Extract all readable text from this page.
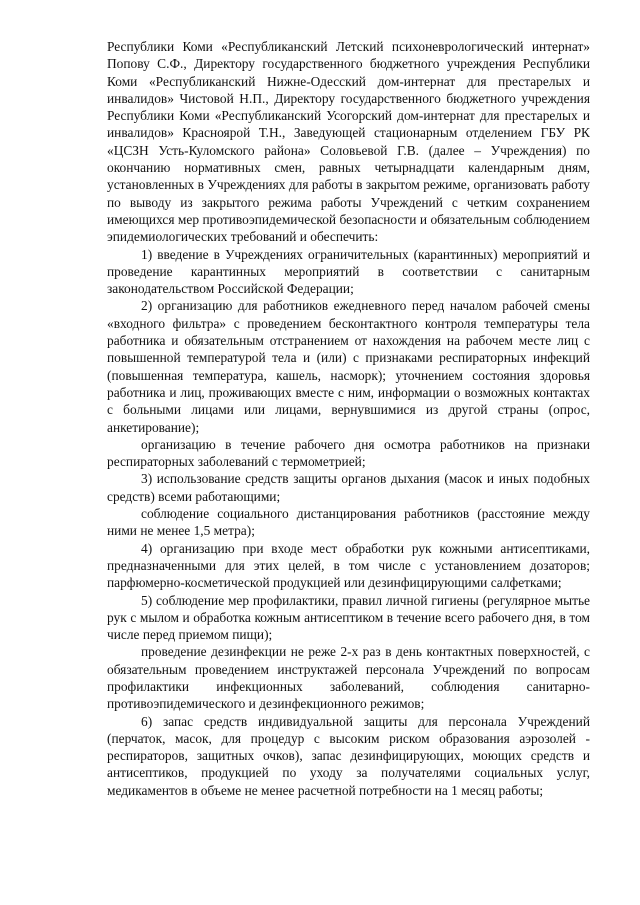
Республики Коми «Республиканский Летский психоневрологический интернат» Попову С.Ф., Директору государственного бюджетного учреждения Республики Коми «Республиканский Нижне-Одесский дом-интернат для престарелых и инвалидов» Чистовой Н.П., Директору государственного бюджетного учреждения Республики Коми «Республиканский Усогорский дом-интернат для престарелых и инвалидов» Красноярой Т.Н., Заведующей стационарным отделением ГБУ РК «ЦСЗН Усть-Куломского района» Соловьевой Г.В. (далее – Учреждения) по окончанию нормативных смен, равных четырнадцати календарным дням, установленных в Учреждениях для работы в закрытом режиме, организовать работу по выводу из закрытого режима работы Учреждений с четким сохранением имеющихся мер противоэпидемической безопасности и обязательным соблюдением эпидемиологических требований и обеспечить:

1) введение в Учреждениях ограничительных (карантинных) мероприятий и проведение карантинных мероприятий в соответствии с санитарным законодательством Российской Федерации;

2) организацию для работников ежедневного перед началом рабочей смены «входного фильтра» с проведением бесконтактного контроля температуры тела работника и обязательным отстранением от нахождения на рабочем месте лиц с повышенной температурой тела и (или) с признаками респираторных инфекций (повышенная температура, кашель, насморк); уточнением состояния здоровья работника и лиц, проживающих вместе с ним, информации о возможных контактах с больными лицами или лицами, вернувшимися из другой страны (опрос, анкетирование);

организацию в течение рабочего дня осмотра работников на признаки респираторных заболеваний с термометрией;

3) использование средств защиты органов дыхания (масок и иных подобных средств) всеми работающими;

соблюдение социального дистанцирования работников (расстояние между ними не менее 1,5 метра);

4) организацию при входе мест обработки рук кожными антисептиками, предназначенными для этих целей, в том числе с установлением дозаторов; парфюмерно-косметической продукцией или дезинфицирующими салфетками;

5) соблюдение мер профилактики, правил личной гигиены (регулярное мытье рук с мылом и обработка кожным антисептиком в течение всего рабочего дня, в том числе перед приемом пищи);

проведение дезинфекции не реже 2-х раз в день контактных поверхностей, с обязательным проведением инструктажей персонала Учреждений по вопросам профилактики инфекционных заболеваний, соблюдения санитарно-противоэпидемического и дезинфекционного режимов;

6) запас средств индивидуальной защиты для персонала Учреждений (перчаток, масок, для процедур с высоким риском образования аэрозолей - респираторов, защитных очков), запас дезинфицирующих, моющих средств и антисептиков, продукцией по уходу за получателями социальных услуг, медикаментов в объеме не менее расчетной потребности на 1 месяц работы;
